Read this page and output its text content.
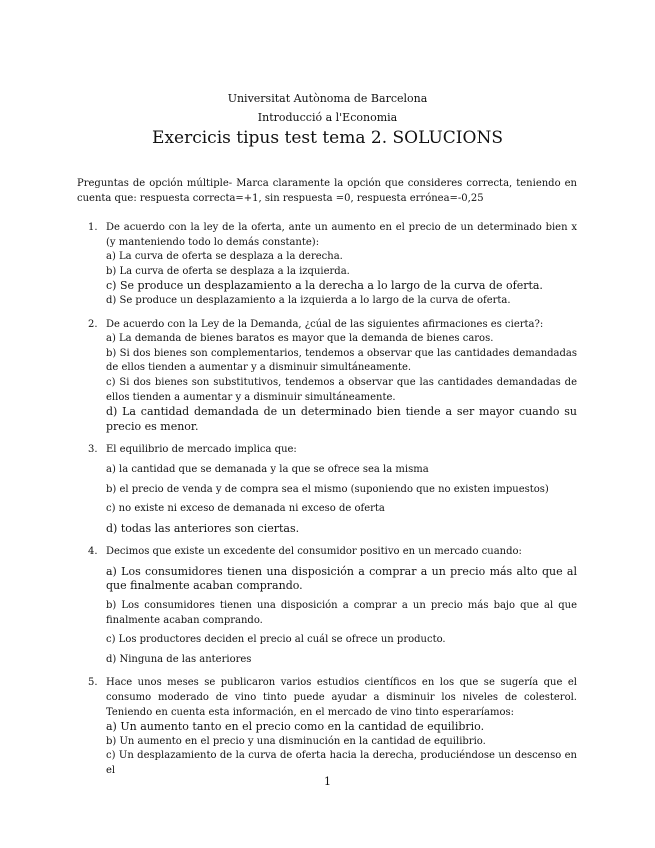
Universitat Autònoma de Barcelona
Introducció a l'Economia
Exercicis tipus test tema 2. SOLUCIONS
Preguntas de opción múltiple- Marca claramente la opción que consideres correcta, teniendo en cuenta que: respuesta correcta=+1, sin respuesta =0, respuesta errónea=-0,25
1. De acuerdo con la ley de la oferta, ante un aumento en el precio de un determinado bien x (y manteniendo todo lo demás constante):
a) La curva de oferta se desplaza a la derecha.
b) La curva de oferta se desplaza a la izquierda.
c) Se produce un desplazamiento a la derecha a lo largo de la curva de oferta.
d) Se produce un desplazamiento a la izquierda a lo largo de la curva de oferta.
2. De acuerdo con la Ley de la Demanda, ¿cúal de las siguientes afirmaciones es cierta?:
a) La demanda de bienes baratos es mayor que la demanda de bienes caros.
b) Si dos bienes son complementarios, tendemos a observar que las cantidades demandadas de ellos tienden a aumentar y a disminuir simultáneamente.
c) Si dos bienes son substitutivos, tendemos a observar que las cantidades demandadas de ellos tienden a aumentar y a disminuir simultáneamente.
d) La cantidad demandada de un determinado bien tiende a ser mayor cuando su precio es menor.
3. El equilibrio de mercado implica que:
a) la cantidad que se demanada y la que se ofrece sea la misma
b) el precio de venda y de compra sea el mismo (suponiendo que no existen impuestos)
c) no existe ni exceso de demanada ni exceso de oferta
d) todas las anteriores son ciertas.
4. Decimos que existe un excedente del consumidor positivo en un mercado cuando:
a) Los consumidores tienen una disposición a comprar a un precio más alto que al que finalmente acaban comprando.
b) Los consumidores tienen una disposición a comprar a un precio más bajo que al que finalmente acaban comprando.
c) Los productores deciden el precio al cuál se ofrece un producto.
d) Ninguna de las anteriores
5. Hace unos meses se publicaron varios estudios científicos en los que se sugería que el consumo moderado de vino tinto puede ayudar a disminuir los niveles de colesterol. Teniendo en cuenta esta información, en el mercado de vino tinto esperaríamos:
a) Un aumento tanto en el precio como en la cantidad de equilibrio.
b) Un aumento en el precio y una disminución en la cantidad de equilibrio.
c) Un desplazamiento de la curva de oferta hacia la derecha, produciéndose un descenso en el
1
